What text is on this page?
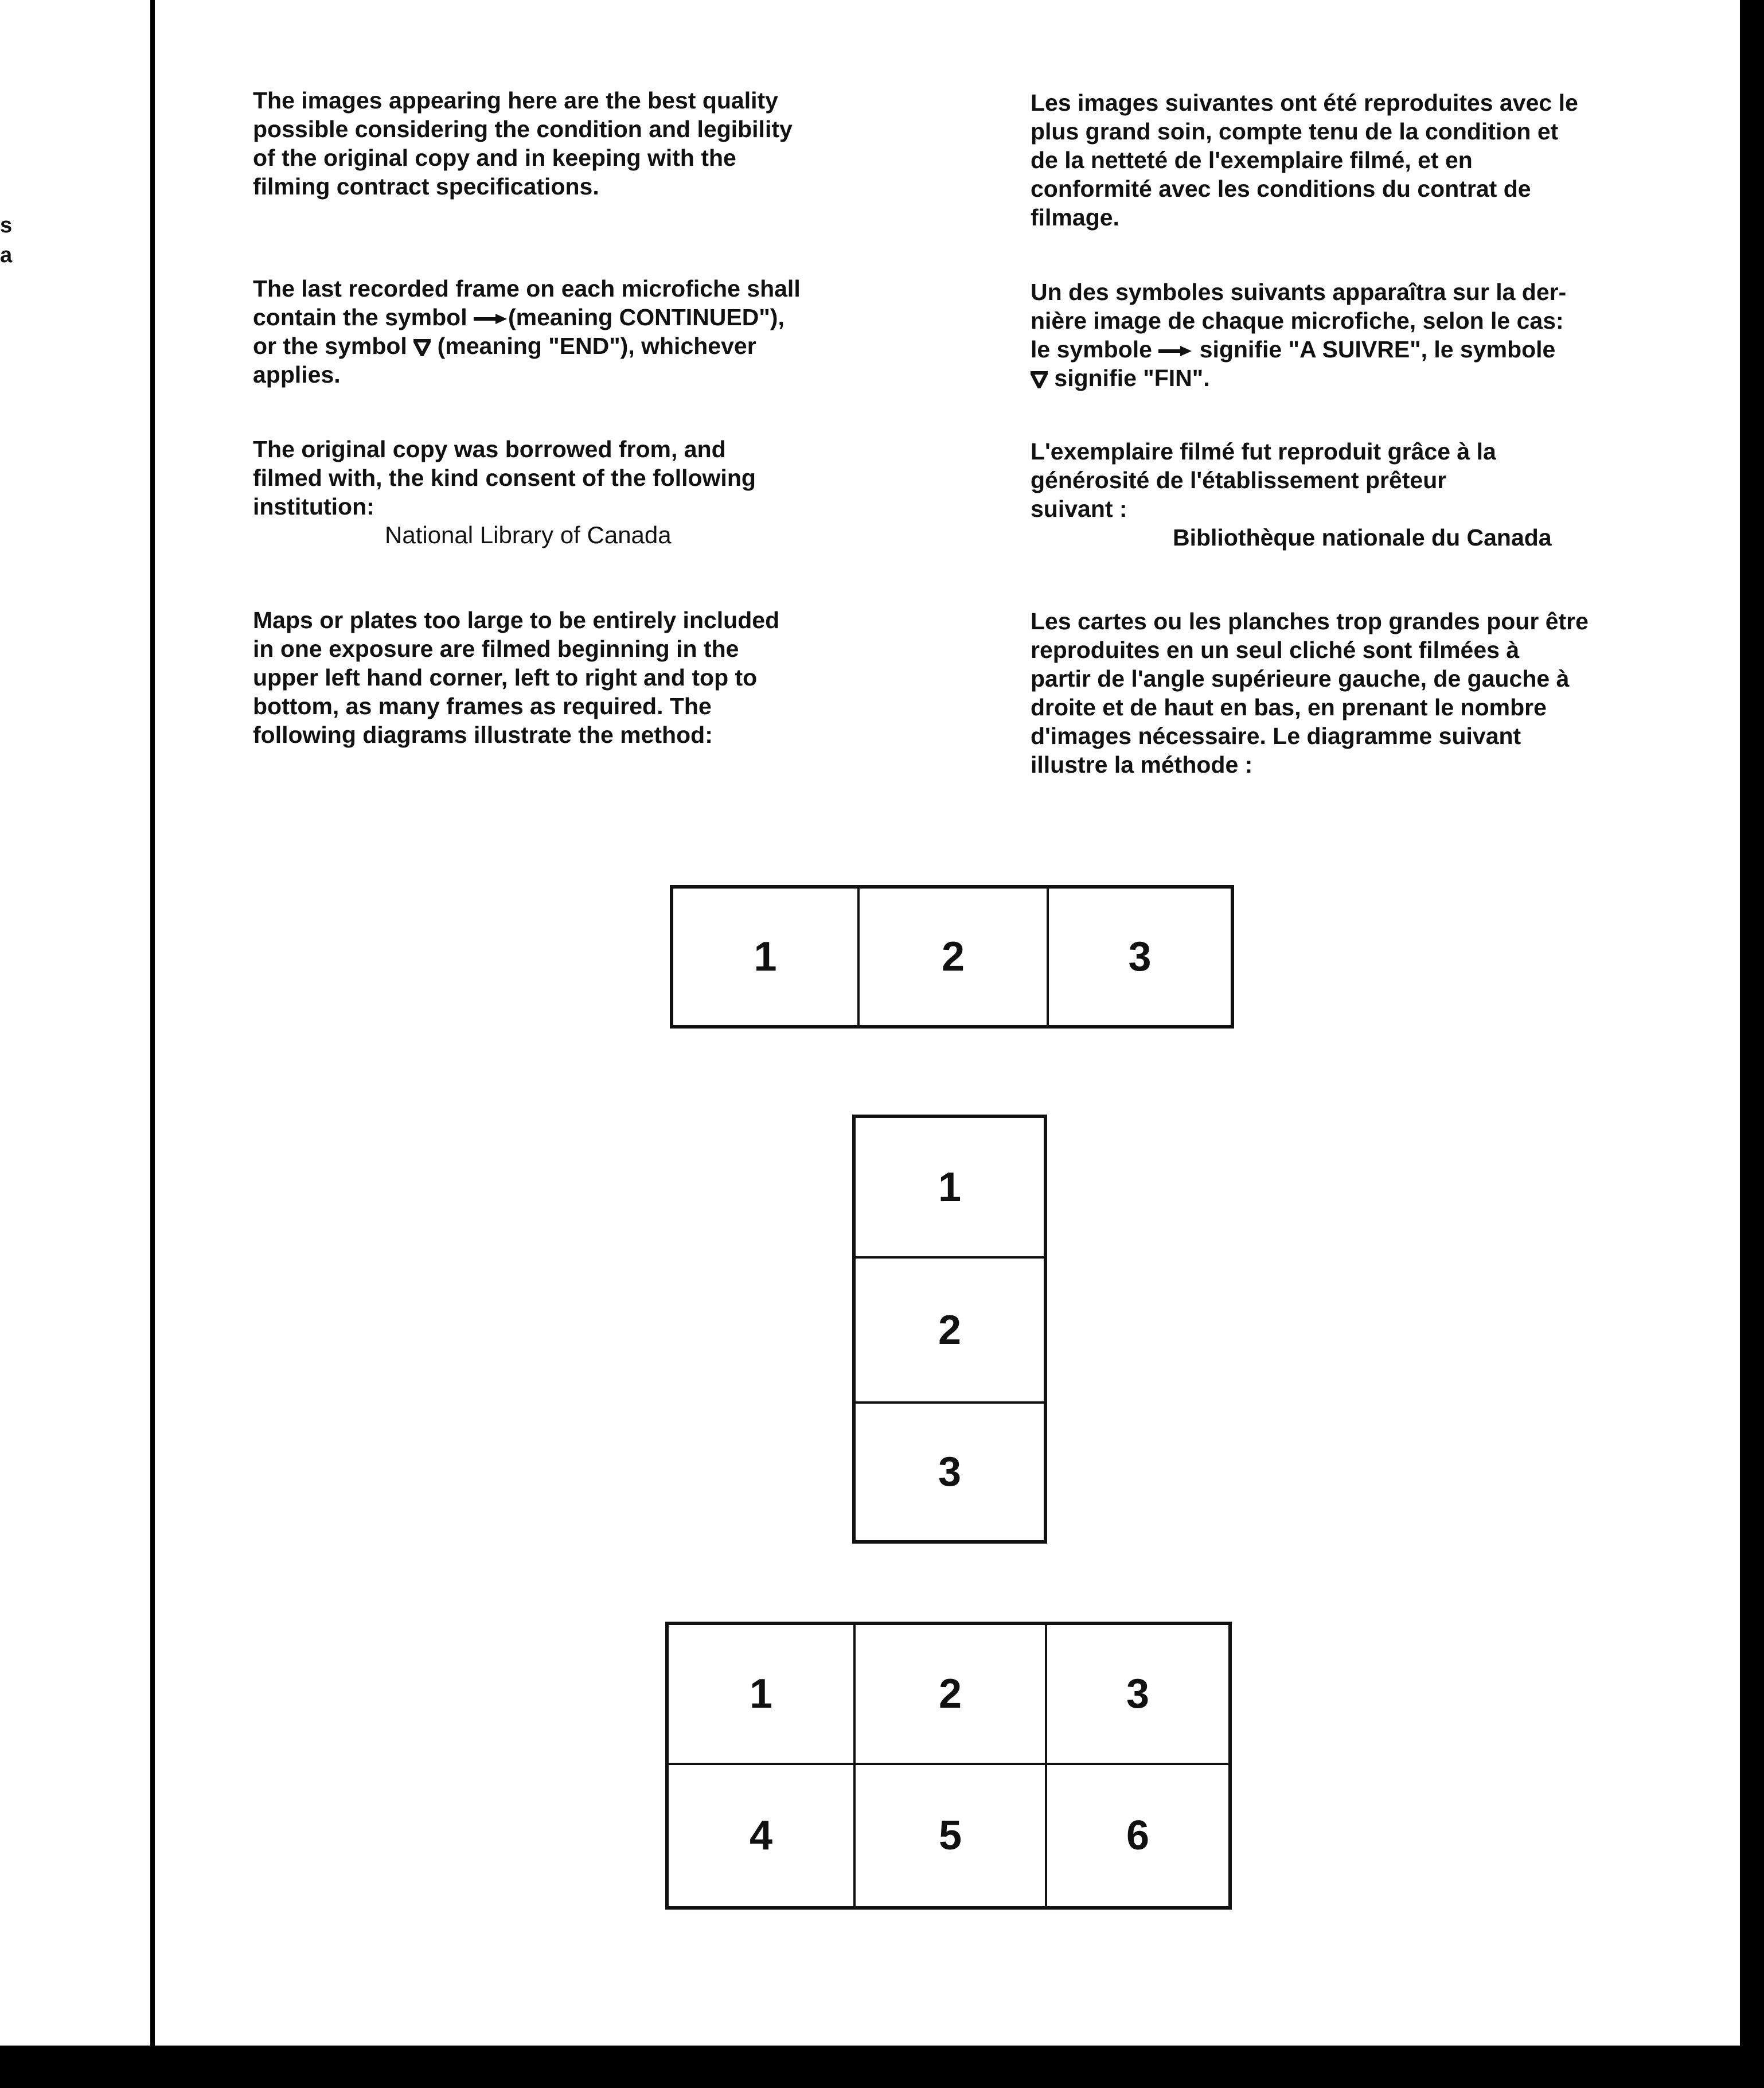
s
a
The images appearing here are the best quality
possible considering the condition and legibility
of the original copy and in keeping with the
filming contract specifications.
The last recorded frame on each microfiche shall
contain the symbol (meaning CONTINUED"),
or the symbol  (meaning "END"), whichever
applies.
The original copy was borrowed from, and
filmed with, the kind consent of the following
institution:
National Library of Canada
Maps or plates too large to be entirely included
in one exposure are filmed beginning in the
upper left hand corner, left to right and top to
bottom, as many frames as required. The
following diagrams illustrate the method:
Les images suivantes ont été reproduites avec le
plus grand soin, compte tenu de la condition et
de la netteté de l'exemplaire filmé, et en
conformité avec les conditions du contrat de
filmage.
Un des symboles suivants apparaîtra sur la der-
nière image de chaque microfiche, selon le cas:
le symbole  signifie "A SUIVRE", le symbole
signifie "FIN".
L'exemplaire filmé fut reproduit grâce à la
générosité de l'établissement prêteur
suivant :
Bibliothèque nationale du Canada
Les cartes ou les planches trop grandes pour être
reproduites en un seul cliché sont filmées à
partir de l'angle supérieure gauche, de gauche à
droite et de haut en bas, en prenant le nombre
d'images nécessaire. Le diagramme suivant
illustre la méthode :
1	2	3
1
2
3
1	2	3
4	5	6
